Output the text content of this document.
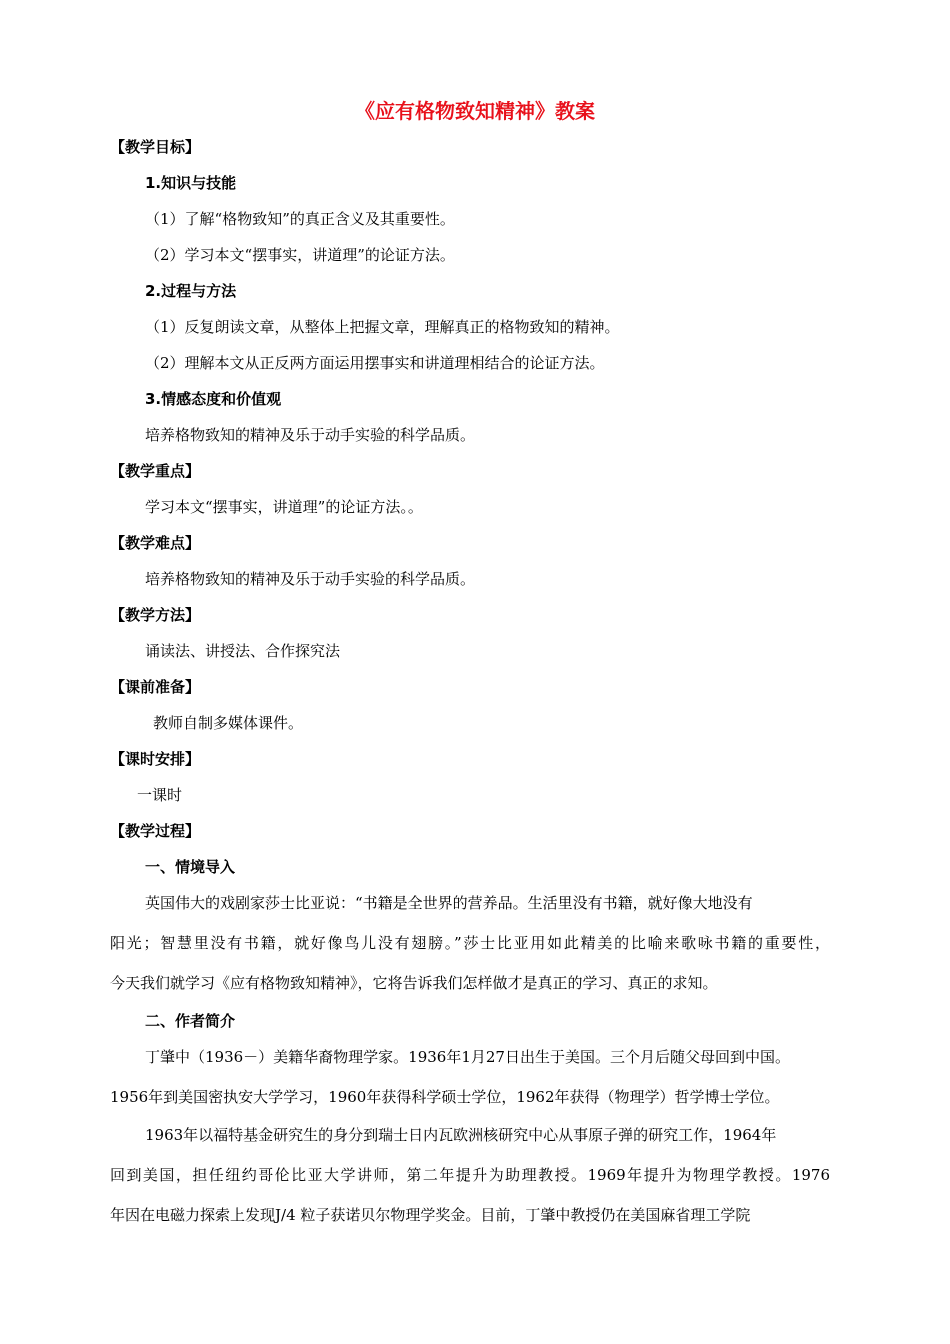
《应有格物致知精神》教案
【教学目标】
1.知识与技能
（1）了解“格物致知”的真正含义及其重要性。
（2）学习本文“摆事实，讲道理”的论证方法。
2.过程与方法
（1）反复朗读文章，从整体上把握文章，理解真正的格物致知的精神。
（2）理解本文从正反两方面运用摆事实和讲道理相结合的论证方法。
3.情感态度和价值观
培养格物致知的精神及乐于动手实验的科学品质。
【教学重点】
学习本文“摆事实，讲道理”的论证方法。。
【教学难点】
培养格物致知的精神及乐于动手实验的科学品质。
【教学方法】
诵读法、讲授法、合作探究法
【课前准备】
教师自制多媒体课件。
【课时安排】
一课时
【教学过程】
一、情境导入
英国伟大的戏剧家莎士比亚说：“书籍是全世界的营养品。生活里没有书籍，就好像大地没有
阳光；智慧里没有书籍，就好像鸟儿没有翅膀。”莎士比亚用如此精美的比喻来歌咏书籍的重要性，
今天我们就学习《应有格物致知精神》，它将告诉我们怎样做才是真正的学习、真正的求知。
二、作者简介
丁肇中（1936－）美籍华裔物理学家。1936年1月27日出生于美国。三个月后随父母回到中国。
1956年到美国密执安大学学习，1960年获得科学硕士学位，1962年获得（物理学）哲学博士学位。
1963年以福特基金研究生的身分到瑞士日内瓦欧洲核研究中心从事原子弹的研究工作，1964年
回到美国，担任纽约哥伦比亚大学讲师，第二年提升为助理教授。1969年提升为物理学教授。1976
年因在电磁力探索上发现J/4 粒子获诺贝尔物理学奖金。目前，丁肇中教授仍在美国麻省理工学院
